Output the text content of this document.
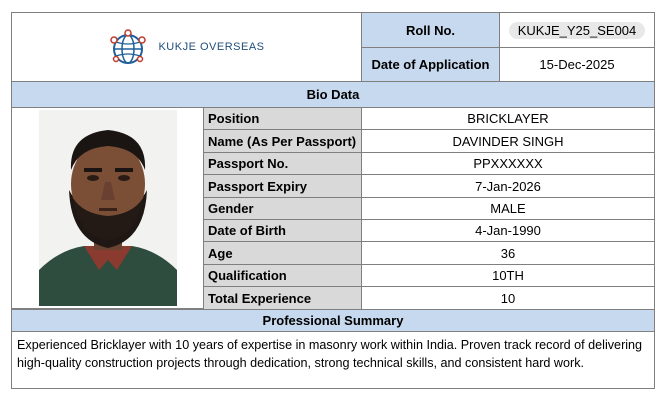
KUKJE OVERSEAS
Roll No.	KUKJE_Y25_SE004
Date of Application	15-Dec-2025
Bio Data
Position	BRICKLAYER
Name (As Per Passport)	DAVINDER SINGH
Passport No.	PPXXXXXX
Passport Expiry	7-Jan-2026
Gender	MALE
Date of Birth	4-Jan-1990
Age	36
Qualification	10TH
Total Experience	10
Professional Summary
Experienced Bricklayer with 10 years of expertise in masonry work within India. Proven track record of delivering high-quality construction projects through dedication, strong technical skills, and consistent hard work.
